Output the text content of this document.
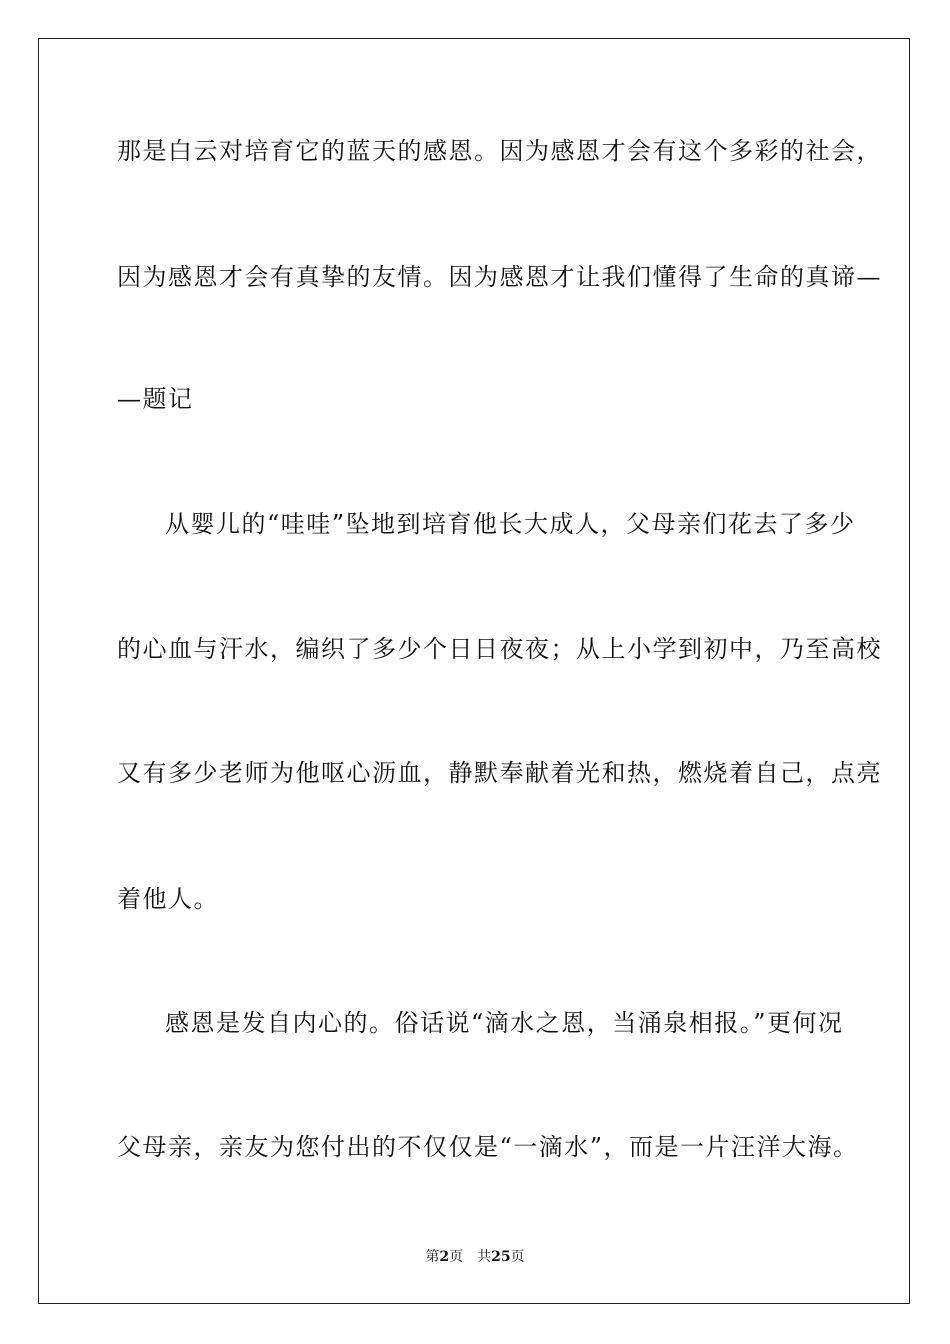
那是白云对培育它的蓝天的感恩。因为感恩才会有这个多彩的社会，
因为感恩才会有真挚的友情。因为感恩才让我们懂得了生命的真谛—
—题记
从婴儿的“哇哇”坠地到培育他长大成人，父母亲们花去了多少
的心血与汗水，编织了多少个日日夜夜；从上小学到初中，乃至高校
又有多少老师为他呕心沥血，静默奉献着光和热，燃烧着自己，点亮
着他人。
感恩是发自内心的。俗话说“滴水之恩，当涌泉相报。”更何况
父母亲，亲友为您付出的不仅仅是“一滴水”，而是一片汪洋大海。
第2页 共25页
